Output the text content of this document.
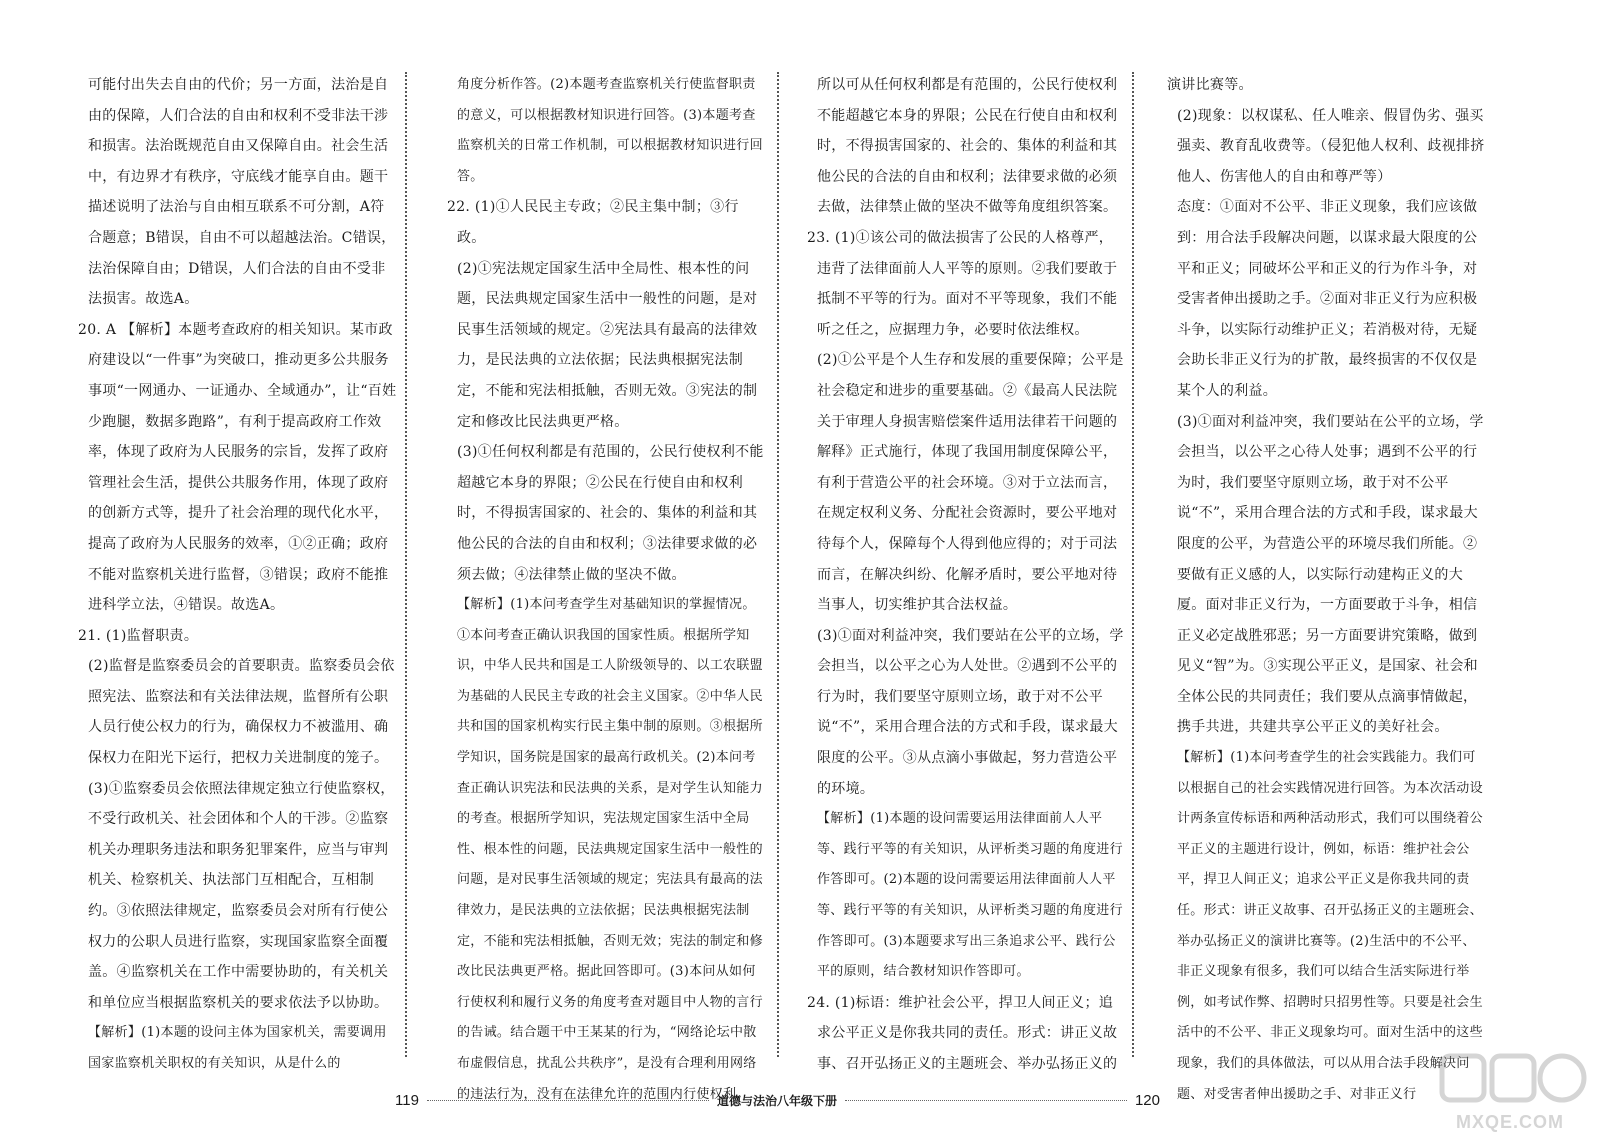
可能付出失去自由的代价；另一方面，法治是自由的保障，人们合法的自由和权利不受非法干涉和损害。法治既规范自由又保障自由。社会生活中，有边界才有秩序，守底线才能享自由。题干描述说明了法治与自由相互联系不可分割，A符合题意；B错误，自由不可以超越法治。C错误，法治保障自由；D错误，人们合法的自由不受非法损害。故选A。

20. A 【解析】本题考查政府的相关知识。某市政府建设以“一件事”为突破口，推动更多公共服务事项“一网通办、一证通办、全域通办”，让“百姓少跑腿，数据多跑路”，有利于提高政府工作效率，体现了政府为人民服务的宗旨，发挥了政府管理社会生活，提供公共服务作用，体现了政府的创新方式等，提升了社会治理的现代化水平，提高了政府为人民服务的效率，①②正确；政府不能对监察机关进行监督，③错误；政府不能推进科学立法，④错误。故选A。

21. (1)监督职责。

(2)监督是监察委员会的首要职责。监察委员会依照宪法、监察法和有关法律法规，监督所有公职人员行使公权力的行为，确保权力不被滥用、确保权力在阳光下运行，把权力关进制度的笼子。

(3)①监察委员会依照法律规定独立行使监察权，不受行政机关、社会团体和个人的干涉。②监察机关办理职务违法和职务犯罪案件，应当与审判机关、检察机关、执法部门互相配合，互相制约。③依照法律规定，监察委员会对所有行使公权力的公职人员进行监察，实现国家监察全面覆盖。④监察机关在工作中需要协助的，有关机关和单位应当根据监察机关的要求依法予以协助。

【解析】(1)本题的设问主体为国家机关，需要调用国家监察机关职权的有关知识，从是什么的

角度分析作答。(2)本题考查监察机关行使监督职责的意义，可以根据教材知识进行回答。(3)本题考查监察机关的日常工作机制，可以根据教材知识进行回答。

22. (1)①人民民主专政；②民主集中制；③行政。

(2)①宪法规定国家生活中全局性、根本性的问题，民法典规定国家生活中一般性的问题，是对民事生活领域的规定。②宪法具有最高的法律效力，是民法典的立法依据；民法典根据宪法制定，不能和宪法相抵触，否则无效。③宪法的制定和修改比民法典更严格。

(3)①任何权利都是有范围的，公民行使权利不能超越它本身的界限；②公民在行使自由和权利时，不得损害国家的、社会的、集体的利益和其他公民的合法的自由和权利；③法律要求做的必须去做；④法律禁止做的坚决不做。

【解析】(1)本问考查学生对基础知识的掌握情况。①本问考查正确认识我国的国家性质。根据所学知识，中华人民共和国是工人阶级领导的、以工农联盟为基础的人民民主专政的社会主义国家。②中华人民共和国的国家机构实行民主集中制的原则。③根据所学知识，国务院是国家的最高行政机关。(2)本问考查正确认识宪法和民法典的关系，是对学生认知能力的考查。根据所学知识，宪法规定国家生活中全局性、根本性的问题，民法典规定国家生活中一般性的问题，是对民事生活领域的规定；宪法具有最高的法律效力，是民法典的立法依据；民法典根据宪法制定，不能和宪法相抵触，否则无效；宪法的制定和修改比民法典更严格。据此回答即可。(3)本问从如何行使权利和履行义务的角度考查对题目中人物的言行的告诫。结合题干中王某某的行为，“网络论坛中散布虚假信息，扰乱公共秩序”，是没有合理利用网络的违法行为，没有在法律允许的范围内行使权利，

所以可从任何权利都是有范围的，公民行使权利不能超越它本身的界限；公民在行使自由和权利时，不得损害国家的、社会的、集体的利益和其他公民的合法的自由和权利；法律要求做的必须去做，法律禁止做的坚决不做等角度组织答案。

23. (1)①该公司的做法损害了公民的人格尊严，违背了法律面前人人平等的原则。②我们要敢于抵制不平等的行为。面对不平等现象，我们不能听之任之，应据理力争，必要时依法维权。

(2)①公平是个人生存和发展的重要保障；公平是社会稳定和进步的重要基础。②《最高人民法院关于审理人身损害赔偿案件适用法律若干问题的解释》正式施行，体现了我国用制度保障公平，有利于营造公平的社会环境。③对于立法而言，在规定权利义务、分配社会资源时，要公平地对待每个人，保障每个人得到他应得的；对于司法而言，在解决纠纷、化解矛盾时，要公平地对待当事人，切实维护其合法权益。

(3)①面对利益冲突，我们要站在公平的立场，学会担当，以公平之心为人处世。②遇到不公平的行为时，我们要坚守原则立场，敢于对不公平说“不”，采用合理合法的方式和手段，谋求最大限度的公平。③从点滴小事做起，努力营造公平的环境。

【解析】(1)本题的设问需要运用法律面前人人平等、践行平等的有关知识，从评析类习题的角度进行作答即可。(2)本题的设问需要运用法律面前人人平等、践行平等的有关知识，从评析类习题的角度进行作答即可。(3)本题要求写出三条追求公平、践行公平的原则，结合教材知识作答即可。

24. (1)标语：维护社会公平，捍卫人间正义；追求公平正义是你我共同的责任。形式：讲正义故事、召开弘扬正义的主题班会、举办弘扬正义的

演讲比赛等。

(2)现象：以权谋私、任人唯亲、假冒伪劣、强买强卖、教育乱收费等。（侵犯他人权利、歧视排挤他人、伤害他人的自由和尊严等）

态度：①面对不公平、非正义现象，我们应该做到：用合法手段解决问题，以谋求最大限度的公平和正义；同破坏公平和正义的行为作斗争，对受害者伸出援助之手。②面对非正义行为应积极斗争，以实际行动维护正义；若消极对待，无疑会助长非正义行为的扩散，最终损害的不仅仅是某个人的利益。

(3)①面对利益冲突，我们要站在公平的立场，学会担当，以公平之心待人处事；遇到不公平的行为时，我们要坚守原则立场，敢于对不公平说“不”，采用合理合法的方式和手段，谋求最大限度的公平，为营造公平的环境尽我们所能。②要做有正义感的人，以实际行动建构正义的大厦。面对非正义行为，一方面要敢于斗争，相信正义必定战胜邪恶；另一方面要讲究策略，做到见义“智”为。③实现公平正义，是国家、社会和全体公民的共同责任；我们要从点滴事情做起，携手共进，共建共享公平正义的美好社会。

【解析】(1)本问考查学生的社会实践能力。我们可以根据自己的社会实践情况进行回答。为本次活动设计两条宣传标语和两种活动形式，我们可以围绕着公平正义的主题进行设计，例如，标语：维护社会公平，捍卫人间正义；追求公平正义是你我共同的责任。形式：讲正义故事、召开弘扬正义的主题班会、举办弘扬正义的演讲比赛等。(2)生活中的不公平、非正义现象有很多，我们可以结合生活实际进行举例，如考试作弊、招聘时只招男性等。只要是社会生活中的不公平、非正义现象均可。面对生活中的这些现象，我们的具体做法，可以从用合法手段解决问题、对受害者伸出援助之手、对非正义行

119	道德与法治八年级下册	120
MXQE.COM
